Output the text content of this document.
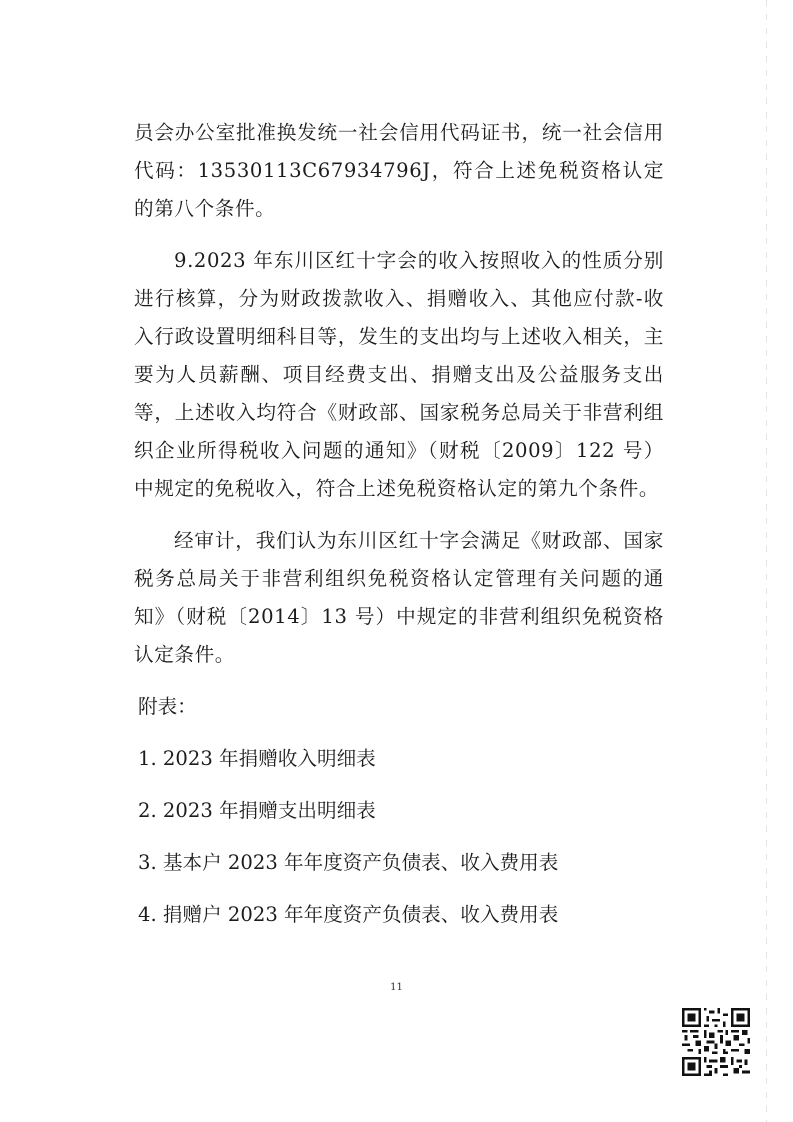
员会办公室批准换发统一社会信用代码证书，统一社会信用代码：13530113C67934796J，符合上述免税资格认定的第八个条件。

9.2023 年东川区红十字会的收入按照收入的性质分别进行核算，分为财政拨款收入、捐赠收入、其他应付款-收入行政设置明细科目等，发生的支出均与上述收入相关，主要为人员薪酬、项目经费支出、捐赠支出及公益服务支出等，上述收入均符合《财政部、国家税务总局关于非营利组织企业所得税收入问题的通知》（财税〔2009〕122 号）中规定的免税收入，符合上述免税资格认定的第九个条件。

经审计，我们认为东川区红十字会满足《财政部、国家税务总局关于非营利组织免税资格认定管理有关问题的通知》（财税〔2014〕13 号）中规定的非营利组织免税资格认定条件。

附表：
1. 2023 年捐赠收入明细表
2. 2023 年捐赠支出明细表
3. 基本户 2023 年年度资产负债表、收入费用表
4. 捐赠户 2023 年年度资产负债表、收入费用表
11
